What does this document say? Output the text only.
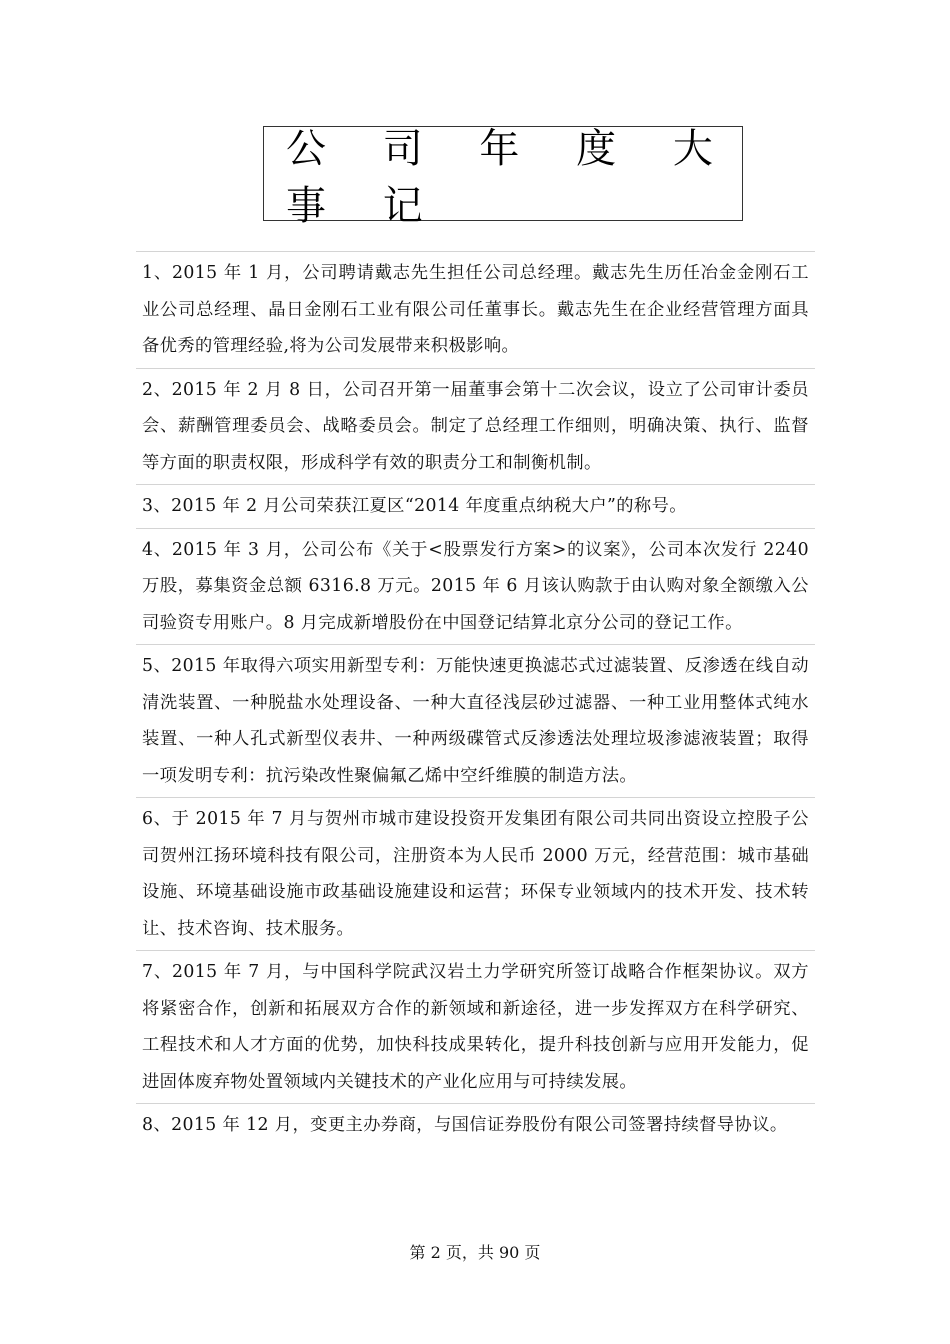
公 司 年 度 大 事 记
1、2015 年 1 月，公司聘请戴志先生担任公司总经理。戴志先生历任冶金金刚石工业公司总经理、晶日金刚石工业有限公司任董事长。戴志先生在企业经营管理方面具备优秀的管理经验,将为公司发展带来积极影响。
2、2015 年 2 月 8 日，公司召开第一届董事会第十二次会议，设立了公司审计委员会、薪酬管理委员会、战略委员会。制定了总经理工作细则，明确决策、执行、监督等方面的职责权限，形成科学有效的职责分工和制衡机制。
3、2015 年 2 月公司荣获江夏区“2014 年度重点纳税大户”的称号。
4、2015 年 3 月，公司公布《关于<股票发行方案>的议案》，公司本次发行 2240 万股，募集资金总额 6316.8 万元。2015 年 6 月该认购款于由认购对象全额缴入公司验资专用账户。8 月完成新增股份在中国登记结算北京分公司的登记工作。
5、2015 年取得六项实用新型专利：万能快速更换滤芯式过滤装置、反渗透在线自动清洗装置、一种脱盐水处理设备、一种大直径浅层砂过滤器、一种工业用整体式纯水装置、一种人孔式新型仪表井、一种两级碟管式反渗透法处理垃圾渗滤液装置；取得一项发明专利：抗污染改性聚偏氟乙烯中空纤维膜的制造方法。
6、于 2015 年 7 月与贺州市城市建设投资开发集团有限公司共同出资设立控股子公司贺州江扬环境科技有限公司，注册资本为人民币 2000 万元，经营范围：城市基础设施、环境基础设施市政基础设施建设和运营；环保专业领域内的技术开发、技术转让、技术咨询、技术服务。
7、2015 年 7 月，与中国科学院武汉岩土力学研究所签订战略合作框架协议。双方将紧密合作，创新和拓展双方合作的新领域和新途径，进一步发挥双方在科学研究、工程技术和人才方面的优势，加快科技成果转化，提升科技创新与应用开发能力，促进固体废弃物处置领域内关键技术的产业化应用与可持续发展。
8、2015 年 12 月，变更主办券商，与国信证券股份有限公司签署持续督导协议。
第 2 页，共 90 页
